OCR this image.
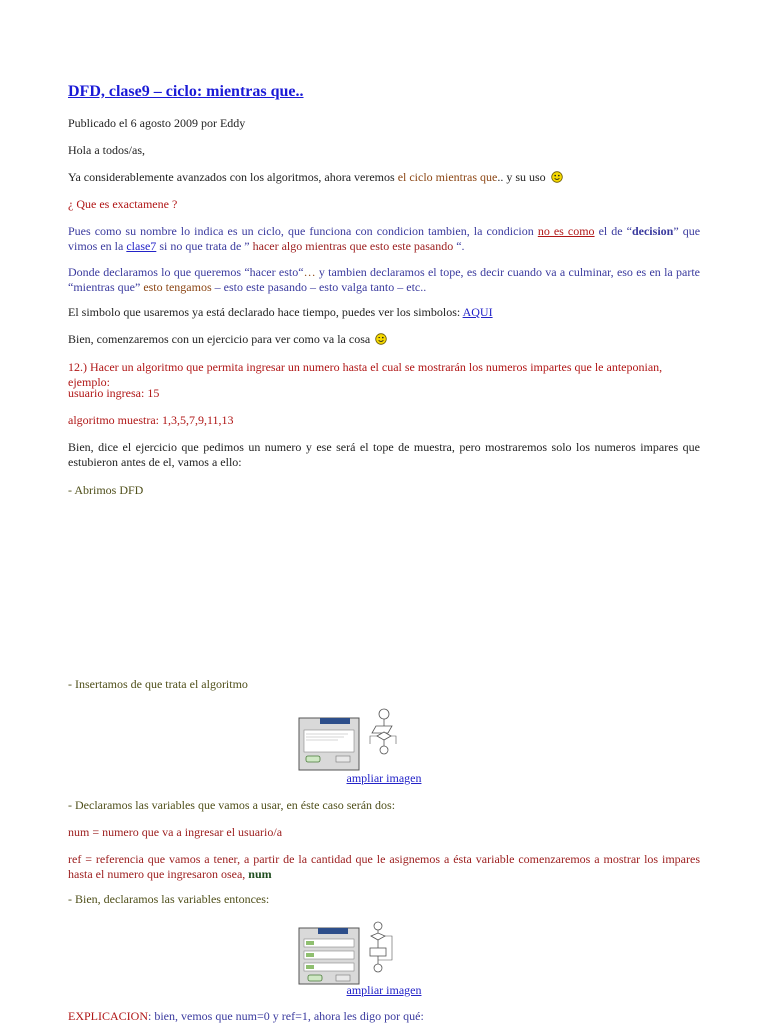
DFD, clase9 – ciclo: mientras que..

Publicado el 6 agosto 2009 por Eddy

Hola a todos/as,

Ya considerablemente avanzados con los algoritmos, ahora veremos el ciclo mientras que.. y su uso

¿ Que es exactamene ?

Pues como su nombre lo indica es un ciclo, que funciona con condicion tambien, la condicion no es como el de “decision” que vimos en la clase7 si no que trata de ” hacer algo mientras que esto este pasando “.

Donde declaramos lo que queremos “hacer esto“… y tambien declaramos el tope, es decir cuando va a culminar, eso es en la parte “mientras que” esto tengamos – esto este pasando – esto valga tanto – etc..

El simbolo que usaremos ya está declarado hace tiempo, puedes ver los simbolos: AQUI

Bien, comenzaremos con un ejercicio para ver como va la cosa

12.) Hacer un algoritmo que permita ingresar un numero hasta el cual se mostrarán los numeros impartes que le anteponian, ejemplo:

usuario ingresa: 15

algoritmo muestra: 1,3,5,7,9,11,13

Bien, dice el ejercicio que pedimos un numero y ese será el tope de muestra, pero mostraremos solo los numeros impares que estubieron antes de el, vamos a ello:

- Abrimos DFD

- Insertamos de que trata el algoritmo

ampliar imagen

- Declaramos las variables que vamos a usar, en éste caso serán dos:

num = numero que va a ingresar el usuario/a

ref = referencia que vamos a tener, a partir de la cantidad que le asignemos a ésta variable comenzaremos a mostrar los impares hasta el numero que ingresaron osea, num

- Bien, declaramos las variables entonces:

ampliar imagen

EXPLICACION: bien, vemos que num=0 y ref=1, ahora les digo por qué:
